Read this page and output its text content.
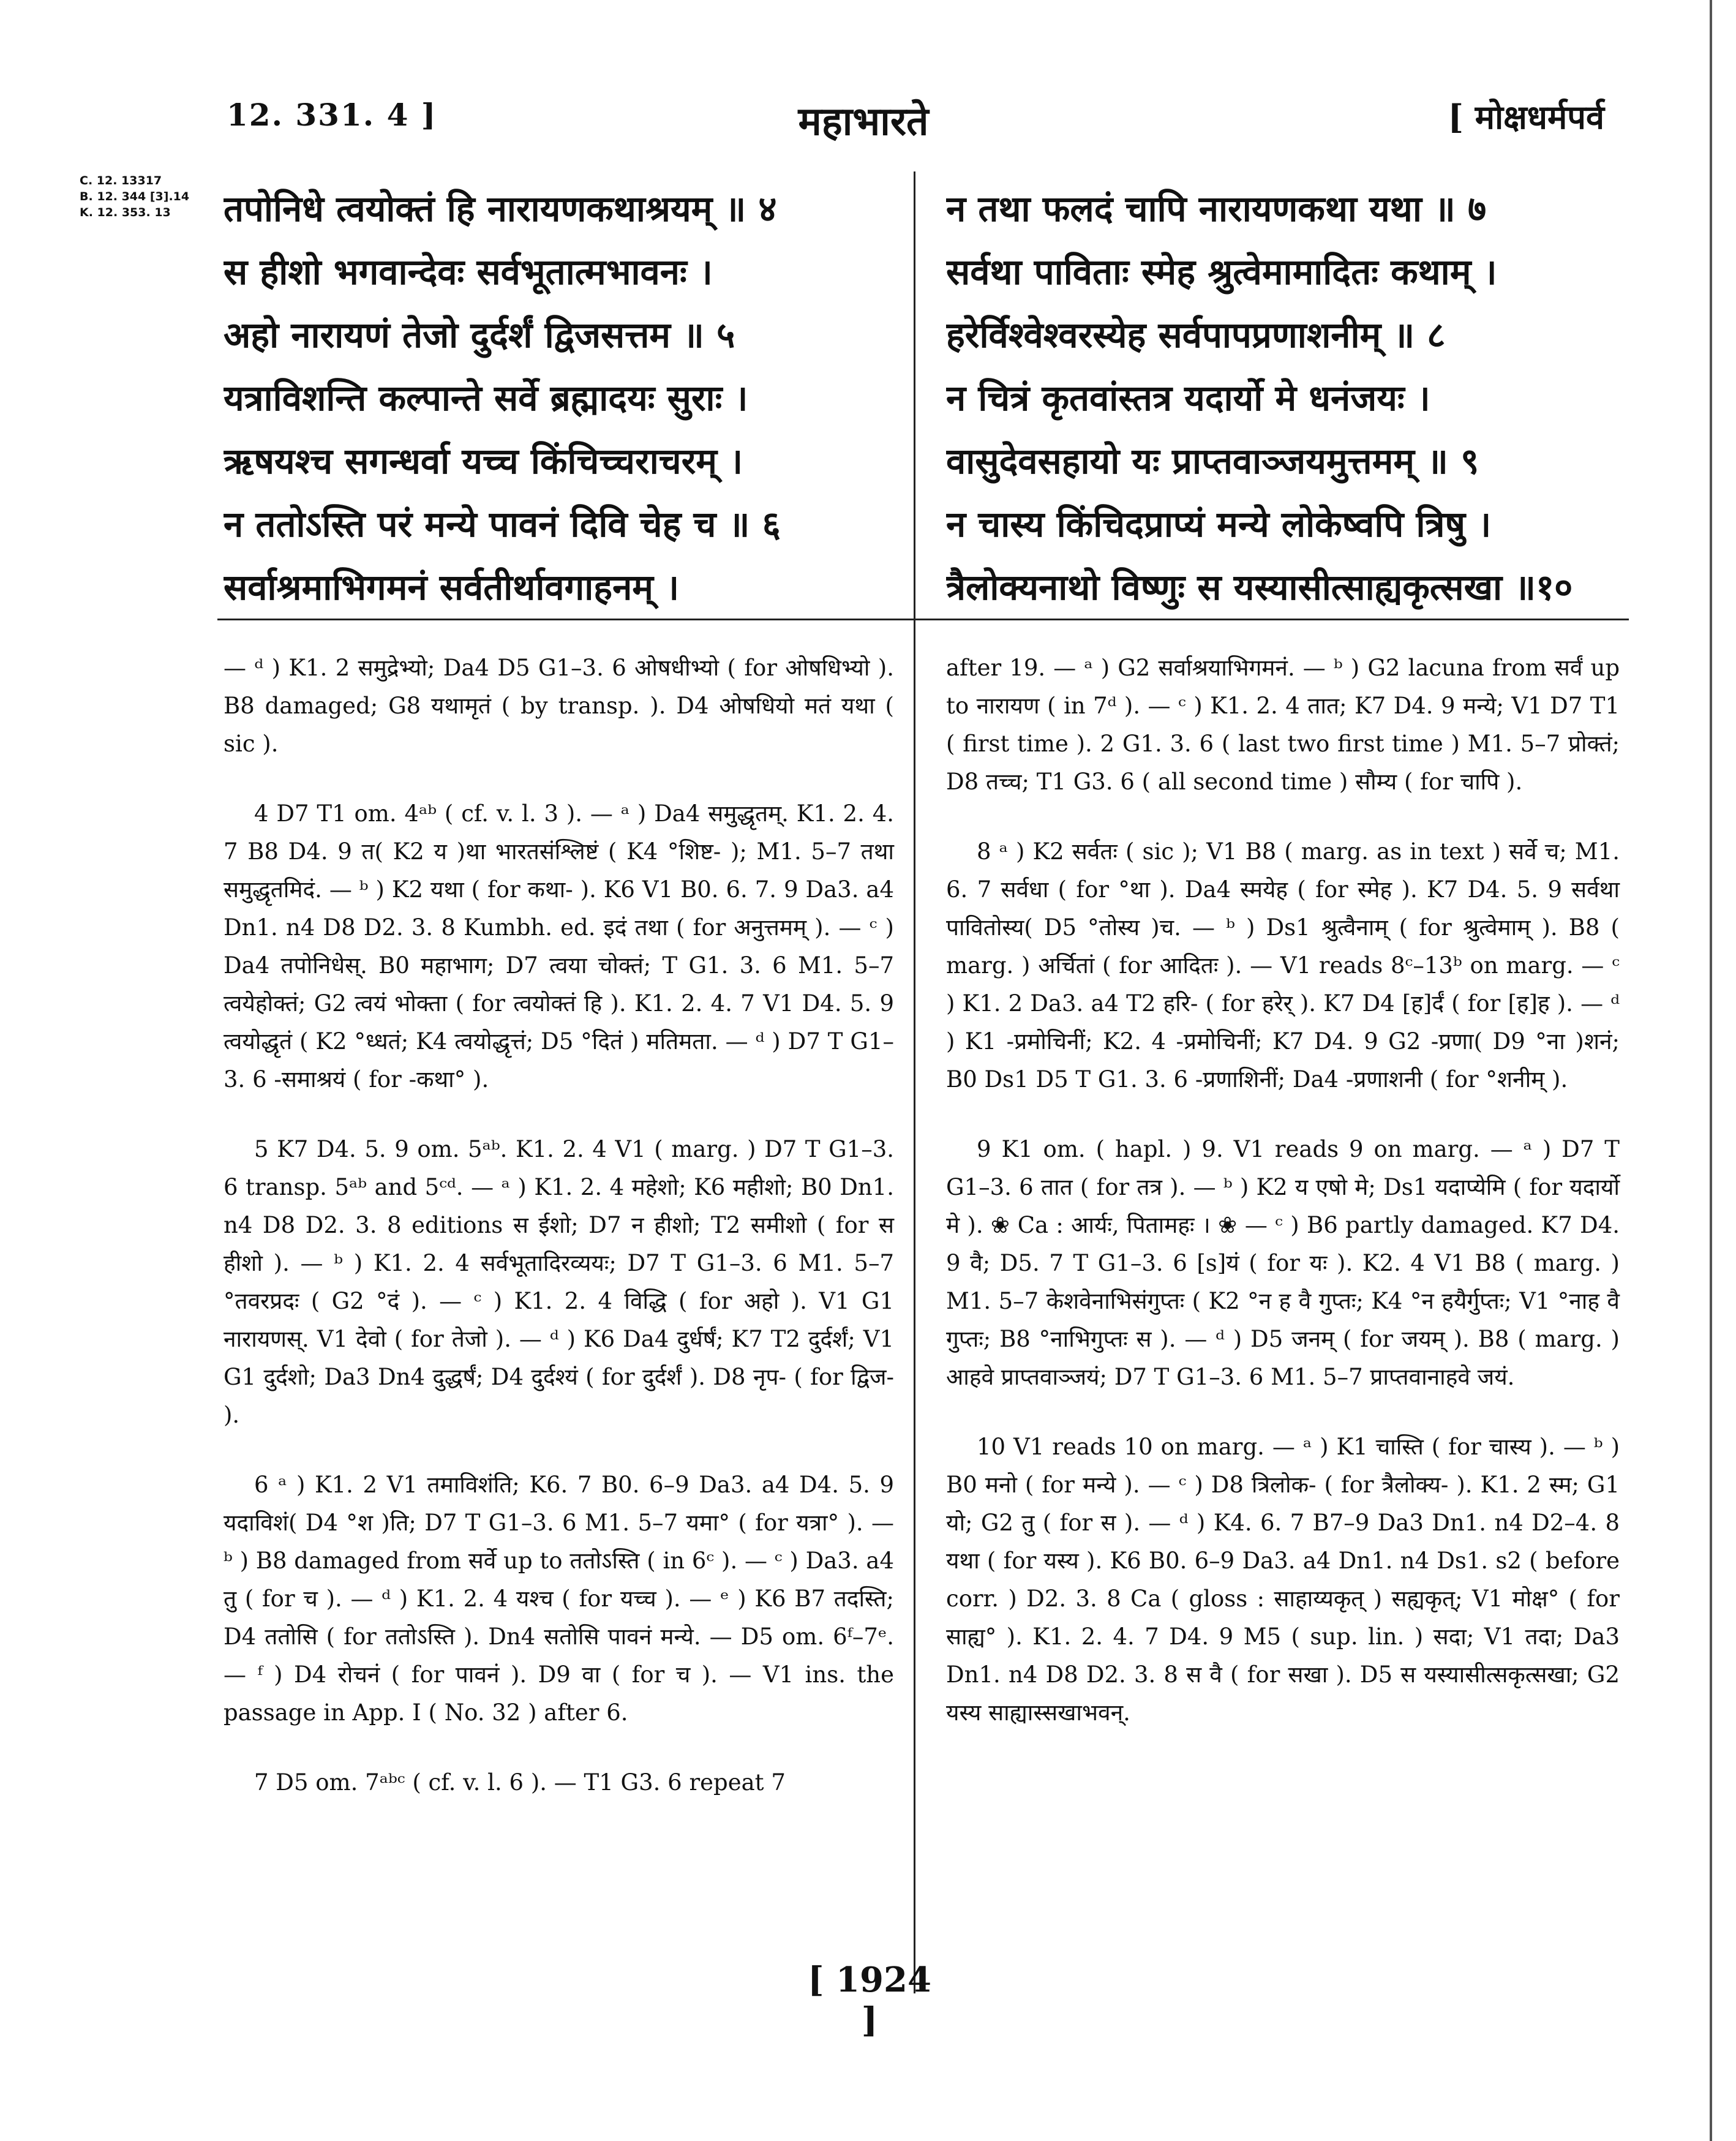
12. 331. 4 ]	महाभारते	[ मोक्षधर्मपर्व
C. 12. 13317
B. 12. 344 [3].14
K. 12. 353. 13	तपोनिधे त्वयोक्तं हि नारायणकथाश्रयम् ॥ ४
स हीशो भगवान्देवः सर्वभूतात्मभावनः ।
अहो नारायणं तेजो दुर्दर्शं द्विजसत्तम ॥ ५
यत्राविशन्ति कल्पान्ते सर्वे ब्रह्मादयः सुराः ।
ऋषयश्च सगन्धर्वा यच्च किंचिच्चराचरम् ।
न ततोऽस्ति परं मन्ये पावनं दिवि चेह च ॥ ६
सर्वाश्रमाभिगमनं सर्वतीर्थावगाहनम् ।
न तथा फलदं चापि नारायणकथा यथा ॥ ७
सर्वथा पाविताः स्मेह श्रुत्वेमामादितः कथाम् ।
हरेर्विश्वेश्वरस्येह सर्वपापप्रणाशनीम् ॥ ८
न चित्रं कृतवांस्तत्र यदार्यो मे धनंजयः ।
वासुदेवसहायो यः प्राप्तवाञ्जयमुत्तमम् ॥ ९
न चास्य किंचिदप्राप्यं मन्ये लोकेष्वपि त्रिषु ।
त्रैलोक्यनाथो विष्णुः स यस्यासीत्साह्यकृत्सखा ॥१०

— ᵈ ) K1. 2 समुद्रेभ्यो; Da4 D5 G1–3. 6 ओषधीभ्यो ( for ओषधिभ्यो ). B8 damaged; G8 यथामृतं ( by transp. ). D4 ओषधियो मतं यथा ( sic ).

4 D7 T1 om. 4ᵃᵇ ( cf. v. l. 3 ). — ᵃ ) Da4 समुद्धृतम्. K1. 2. 4. 7 B8 D4. 9 त( K2 य )था भारतसंश्लिष्टं ( K4 °शिष्ट- ); M1. 5–7 तथा समुद्धृतमिदं. — ᵇ ) K2 यथा ( for कथा- ). K6 V1 B0. 6. 7. 9 Da3. a4 Dn1. n4 D8 D2. 3. 8 Kumbh. ed. इदं तथा ( for अनुत्तमम् ). — ᶜ ) Da4 तपोनिधेस्. B0 महाभाग; D7 त्वया चोक्तं; T G1. 3. 6 M1. 5–7 त्वयेहोक्तं; G2 त्वयं भोक्ता ( for त्वयोक्तं हि ). K1. 2. 4. 7 V1 D4. 5. 9 त्वयोद्धृतं ( K2 °ध्धतं; K4 त्वयोद्धृत्तं; D5 °दितं ) मतिमता. — ᵈ ) D7 T G1–3. 6 -समाश्रयं ( for -कथा° ).

5 K7 D4. 5. 9 om. 5ᵃᵇ. K1. 2. 4 V1 ( marg. ) D7 T G1–3. 6 transp. 5ᵃᵇ and 5ᶜᵈ. — ᵃ ) K1. 2. 4 महेशो; K6 महीशो; B0 Dn1. n4 D8 D2. 3. 8 editions स ईशो; D7 न हीशो; T2 समीशो ( for स हीशो ). — ᵇ ) K1. 2. 4 सर्वभूतादिरव्ययः; D7 T G1–3. 6 M1. 5–7 °तवरप्रदः ( G2 °दं ). — ᶜ ) K1. 2. 4 विद्धि ( for अहो ). V1 G1 नारायणस्. V1 देवो ( for तेजो ). — ᵈ ) K6 Da4 दुर्धर्षं; K7 T2 दुर्दर्शं; V1 G1 दुर्दशो; Da3 Dn4 दुद्धर्षं; D4 दुर्दश्यं ( for दुर्दर्शं ). D8 नृप- ( for द्विज- ).

6 ᵃ ) K1. 2 V1 तमाविशंति; K6. 7 B0. 6–9 Da3. a4 D4. 5. 9 यदाविशं( D4 °श )ति; D7 T G1–3. 6 M1. 5–7 यमा° ( for यत्रा° ). — ᵇ ) B8 damaged from सर्वे up to ततोऽस्ति ( in 6ᶜ ). — ᶜ ) Da3. a4 तु ( for च ). — ᵈ ) K1. 2. 4 यश्च ( for यच्च ). — ᵉ ) K6 B7 तदस्ति; D4 ततोसि ( for ततोऽस्ति ). Dn4 सतोसि पावनं मन्ये. — D5 om. 6ᶠ–7ᵉ. — ᶠ ) D4 रोचनं ( for पावनं ). D9 वा ( for च ). — V1 ins. the passage in App. I ( No. 32 ) after 6.

7 D5 om. 7ᵃᵇᶜ ( cf. v. l. 6 ). — T1 G3. 6 repeat 7

after 19. — ᵃ ) G2 सर्वाश्रयाभिगमनं. — ᵇ ) G2 lacuna from सर्वं up to नारायण ( in 7ᵈ ). — ᶜ ) K1. 2. 4 तात; K7 D4. 9 मन्ये; V1 D7 T1 ( first time ). 2 G1. 3. 6 ( last two first time ) M1. 5–7 प्रोक्तं; D8 तच्च; T1 G3. 6 ( all second time ) सौम्य ( for चापि ).

8 ᵃ ) K2 सर्वतः ( sic ); V1 B8 ( marg. as in text ) सर्वे च; M1. 6. 7 सर्वधा ( for °था ). Da4 स्मयेह ( for स्मेह ). K7 D4. 5. 9 सर्वथा पावितोस्य( D5 °तोस्य )च. — ᵇ ) Ds1 श्रुत्वैनाम् ( for श्रुत्वेमाम् ). B8 ( marg. ) अर्चितां ( for आदितः ). — V1 reads 8ᶜ–13ᵇ on marg. — ᶜ ) K1. 2 Da3. a4 T2 हरि- ( for हरेर् ). K7 D4 [ह]र्दं ( for [ह]ह ). — ᵈ ) K1 -प्रमोचिनीं; K2. 4 -प्रमोचिनीं; K7 D4. 9 G2 -प्रणा( D9 °ना )शनं; B0 Ds1 D5 T G1. 3. 6 -प्रणाशिनीं; Da4 -प्रणाशनी ( for °शनीम् ).

9 K1 om. ( hapl. ) 9. V1 reads 9 on marg. — ᵃ ) D7 T G1–3. 6 तात ( for तत्र ). — ᵇ ) K2 य एषो मे; Ds1 यदाप्येमि ( for यदार्यो मे ). ❀ Ca : आर्यः, पितामहः । ❀ — ᶜ ) B6 partly damaged. K7 D4. 9 वै; D5. 7 T G1–3. 6 [s]यं ( for यः ). K2. 4 V1 B8 ( marg. ) M1. 5–7 केशवेनाभिसंगुप्तः ( K2 °न ह वै गुप्तः; K4 °न हयैर्गुप्तः; V1 °नाह वै गुप्तः; B8 °नाभिगुप्तः स ). — ᵈ ) D5 जनम् ( for जयम् ). B8 ( marg. ) आहवे प्राप्तवाञ्जयं; D7 T G1–3. 6 M1. 5–7 प्राप्तवानाहवे जयं.

10 V1 reads 10 on marg. — ᵃ ) K1 चास्ति ( for चास्य ). — ᵇ ) B0 मनो ( for मन्ये ). — ᶜ ) D8 त्रिलोक- ( for त्रैलोक्य- ). K1. 2 स्म; G1 यो; G2 तु ( for स ). — ᵈ ) K4. 6. 7 B7–9 Da3 Dn1. n4 D2–4. 8 यथा ( for यस्य ). K6 B0. 6–9 Da3. a4 Dn1. n4 Ds1. s2 ( before corr. ) D2. 3. 8 Ca ( gloss : साहाय्यकृत् ) सह्यकृत्; V1 मोक्ष° ( for साह्य° ). K1. 2. 4. 7 D4. 9 M5 ( sup. lin. ) सदा; V1 तदा; Da3 Dn1. n4 D8 D2. 3. 8 स वै ( for सखा ). D5 स यस्यासीत्सकृत्सखा; G2 यस्य साह्यास्सखाभवन्.

[ 1924 ]
